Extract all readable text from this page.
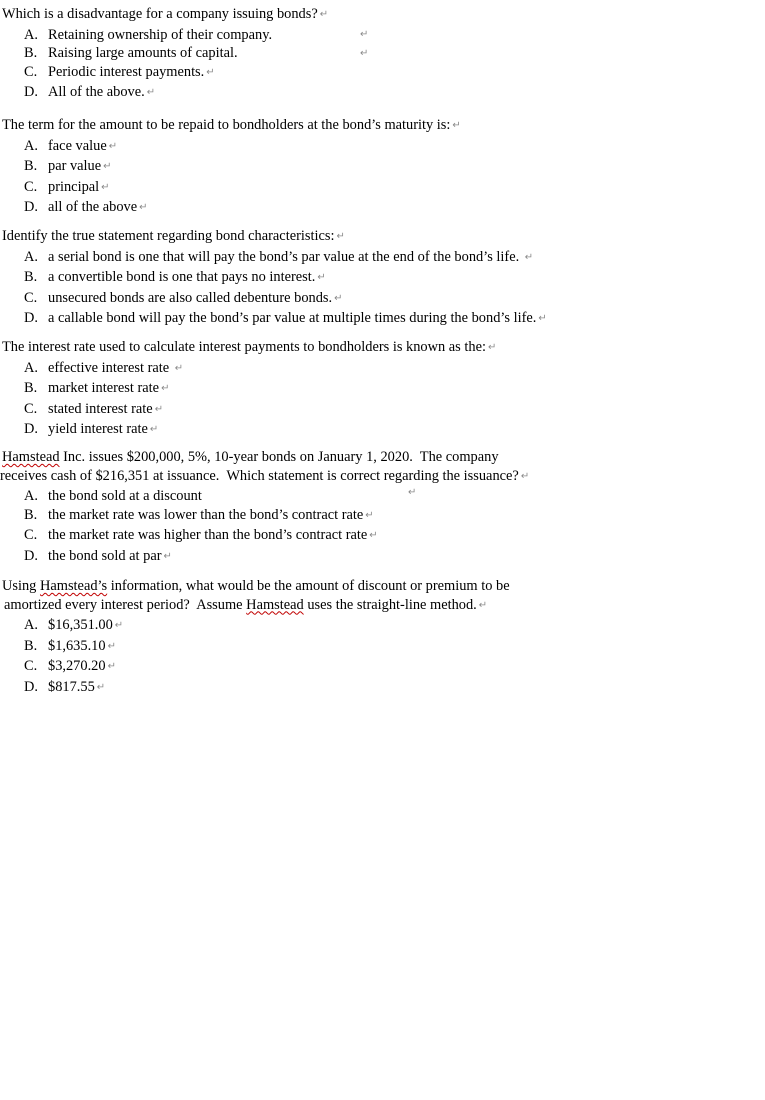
Which is a disadvantage for a company issuing bonds? ↵
A. Retaining ownership of their company.
B. Raising large amounts of capital.
C. Periodic interest payments. ↵
D. All of the above. ↵
↵
↵
The term for the amount to be repaid to bondholders at the bond’s maturity is: ↵
A. face value ↵
B. par value ↵
C. principal ↵
D. all of the above ↵
Identify the true statement regarding bond characteristics: ↵
A. a serial bond is one that will pay the bond’s par value at the end of the bond’s life. ↵
B. a convertible bond is one that pays no interest. ↵
C. unsecured bonds are also called debenture bonds. ↵
D. a callable bond will pay the bond’s par value at multiple times during the bond’s life. ↵
The interest rate used to calculate interest payments to bondholders is known as the: ↵
A. effective interest rate ↵
B. market interest rate ↵
C. stated interest rate ↵
D. yield interest rate ↵
Hamstead Inc. issues $200,000, 5%, 10-year bonds on January 1, 2020.  The company
receives cash of $216,351 at issuance.  Which statement is correct regarding the issuance? ↵
A. the bond sold at a discount
B. the market rate was lower than the bond’s contract rate ↵
C. the market rate was higher than the bond’s contract rate ↵
D. the bond sold at par ↵
↵
Using Hamstead’s information, what would be the amount of discount or premium to be
amortized every interest period?  Assume Hamstead uses the straight-line method. ↵
A. $16,351.00 ↵
B. $1,635.10 ↵
C. $3,270.20 ↵
D. $817.55 ↵
